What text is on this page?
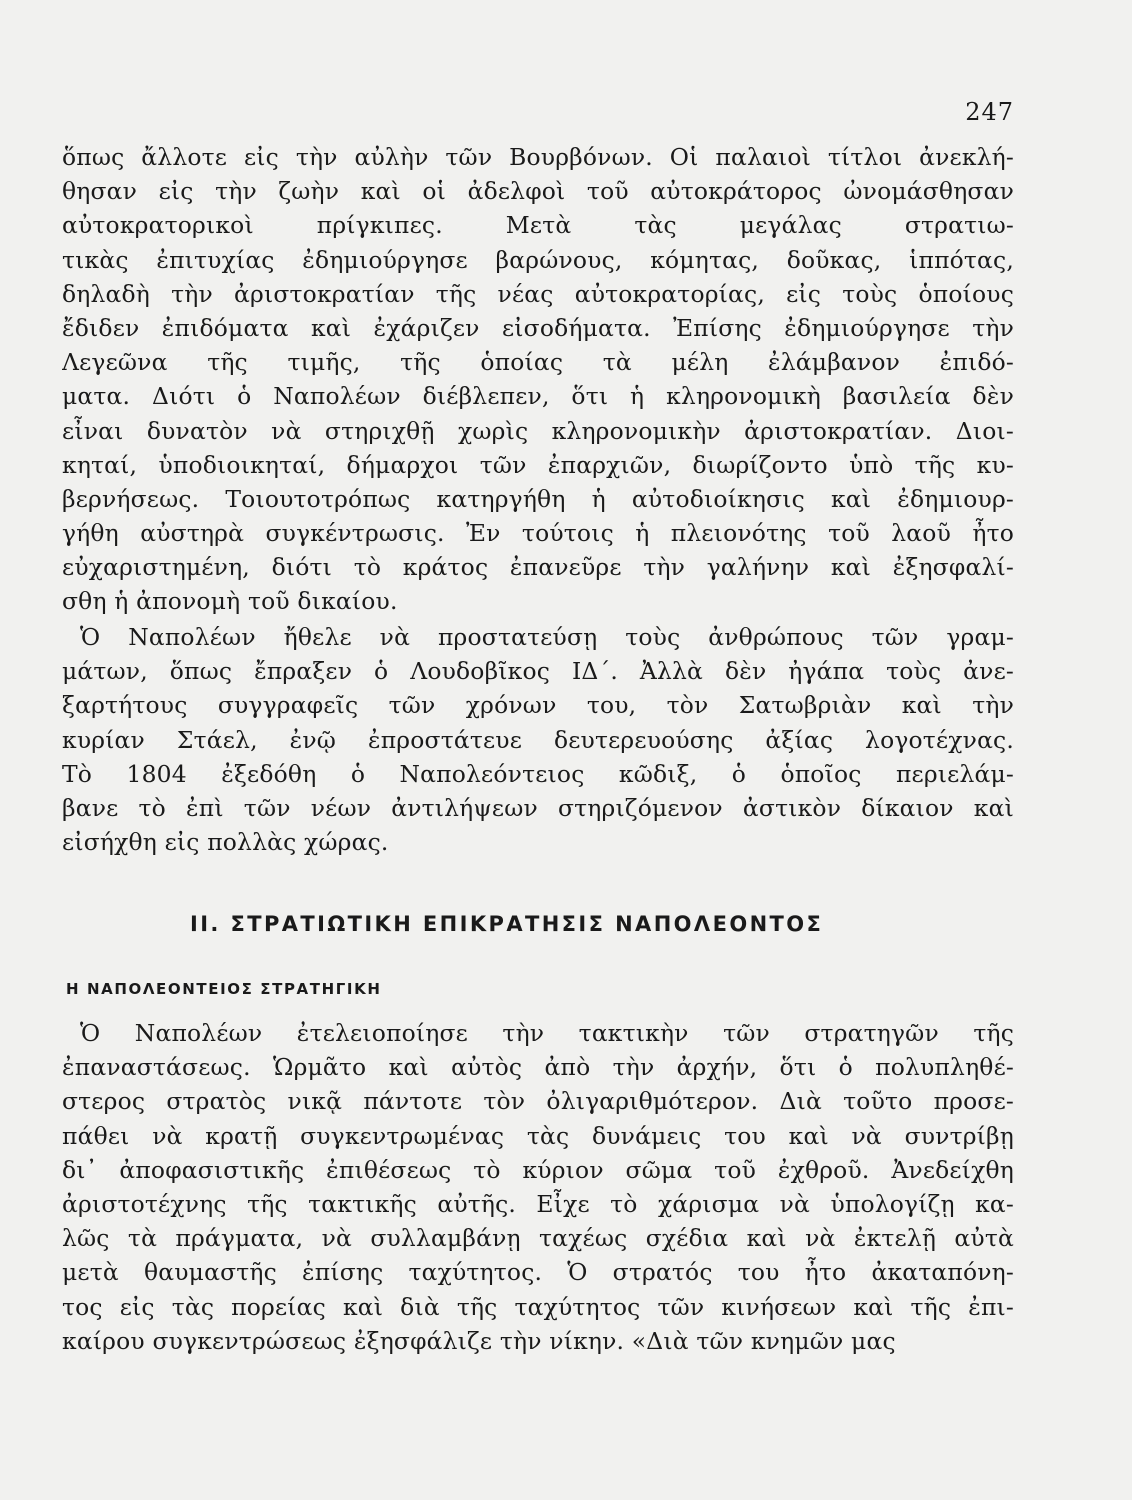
247
ὅπως ἄλλοτε εἰς τὴν αὐλὴν τῶν Βουρβόνων. Οἱ παλαιοὶ τίτλοι ἀνεκλή-
θησαν εἰς τὴν ζωὴν καὶ οἱ ἀδελφοὶ τοῦ αὐτοκράτορος ὠνομάσθησαν
αὐτοκρατορικοὶ πρίγκιπες. Μετὰ τὰς μεγάλας στρατιω-
τικὰς ἐπιτυχίας ἐδημιούργησε βαρώνους, κόμητας, δοῦκας, ἱππότας,
δηλαδὴ τὴν ἀριστοκρατίαν τῆς νέας αὐτοκρατορίας, εἰς τοὺς ὁποίους
ἔδιδεν ἐπιδόματα καὶ ἐχάριζεν εἰσοδήματα. Ἐπίσης ἐδημιούργησε τὴν
Λεγεῶνα τῆς τιμῆς, τῆς ὁποίας τὰ μέλη ἐλάμβανον ἐπιδό-
ματα. Διότι ὁ Ναπολέων διέβλεπεν, ὅτι ἡ κληρονομικὴ βασιλεία δὲν
εἶναι δυνατὸν νὰ στηριχθῇ χωρὶς κληρονομικὴν ἀριστοκρατίαν. Διοι-
κηταί, ὑποδιοικηταί, δήμαρχοι τῶν ἐπαρχιῶν, διωρίζοντο ὑπὸ τῆς κυ-
βερνήσεως. Τοιουτοτρόπως κατηργήθη ἡ αὐτοδιοίκησις καὶ ἐδημιουρ-
γήθη αὐστηρὰ συγκέντρωσις. Ἐν τούτοις ἡ πλειονότης τοῦ λαοῦ ἦτο
εὐχαριστημένη, διότι τὸ κράτος ἐπανεῦρε τὴν γαλήνην καὶ ἐξησφαλί-
σθη ἡ ἀπονομὴ τοῦ δικαίου.
Ὁ Ναπολέων ἤθελε νὰ προστατεύσῃ τοὺς ἀνθρώπους τῶν γραμ-
μάτων, ὅπως ἔπραξεν ὁ Λουδοβῖκος ΙΔ΄. Ἀλλὰ δὲν ἠγάπα τοὺς ἀνε-
ξαρτήτους συγγραφεῖς τῶν χρόνων του, τὸν Σατωβριὰν καὶ τὴν
κυρίαν Στάελ, ἐνῷ ἐπροστάτευε δευτερευούσης ἀξίας λογοτέχνας.
Τὸ 1804 ἐξεδόθη ὁ Ναπολεόντειος κῶδιξ, ὁ ὁποῖος περιελάμ-
βανε τὸ ἐπὶ τῶν νέων ἀντιλήψεων στηριζόμενον ἀστικὸν δίκαιον καὶ
εἰσήχθη εἰς πολλὰς χώρας.
ΙΙ. ΣΤΡΑΤΙΩΤΙΚΗ ΕΠΙΚΡΑΤΗΣΙΣ ΝΑΠΟΛΕΟΝΤΟΣ
Η ΝΑΠΟΛΕΟΝΤΕΙΟΣ ΣΤΡΑΤΗΓΙΚΗ
Ὁ Ναπολέων ἐτελειοποίησε τὴν τακτικὴν τῶν στρατηγῶν τῆς
ἐπαναστάσεως. Ὡρμᾶτο καὶ αὐτὸς ἀπὸ τὴν ἀρχήν, ὅτι ὁ πολυπληθέ-
στερος στρατὸς νικᾷ πάντοτε τὸν ὀλιγαριθμότερον. Διὰ τοῦτο προσε-
πάθει νὰ κρατῇ συγκεντρωμένας τὰς δυνάμεις του καὶ νὰ συντρίβῃ
δι᾿ ἀποφασιστικῆς ἐπιθέσεως τὸ κύριον σῶμα τοῦ ἐχθροῦ. Ἀνεδείχθη
ἀριστοτέχνης τῆς τακτικῆς αὐτῆς. Εἶχε τὸ χάρισμα νὰ ὑπολογίζῃ κα-
λῶς τὰ πράγματα, νὰ συλλαμβάνῃ ταχέως σχέδια καὶ νὰ ἐκτελῇ αὐτὰ
μετὰ θαυμαστῆς ἐπίσης ταχύτητος. Ὁ στρατός του ἦτο ἀκαταπόνη-
τος εἰς τὰς πορείας καὶ διὰ τῆς ταχύτητος τῶν κινήσεων καὶ τῆς ἐπι-
καίρου συγκεντρώσεως ἐξησφάλιζε τὴν νίκην. «Διὰ τῶν κνημῶν μας
